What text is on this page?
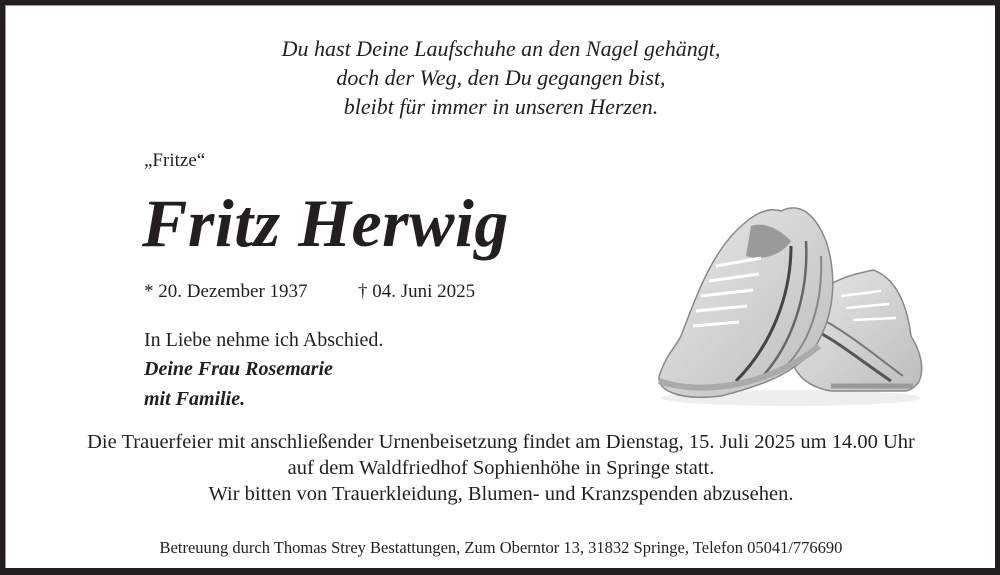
Du hast Deine Laufschuhe an den Nagel gehängt,
doch der Weg, den Du gegangen bist,
bleibt für immer in unseren Herzen.
„Fritze“
Fritz Herwig
* 20. Dezember 1937	† 04. Juni 2025
In Liebe nehme ich Abschied.
Deine Frau Rosemarie
mit Familie.
Die Trauerfeier mit anschließender Urnenbeisetzung findet am Dienstag, 15. Juli 2025 um 14.00 Uhr
auf dem Waldfriedhof Sophienhöhe in Springe statt.
Wir bitten von Trauerkleidung, Blumen- und Kranzspenden abzusehen.
Betreuung durch Thomas Strey Bestattungen, Zum Oberntor 13, 31832 Springe, Telefon 05041/776690
